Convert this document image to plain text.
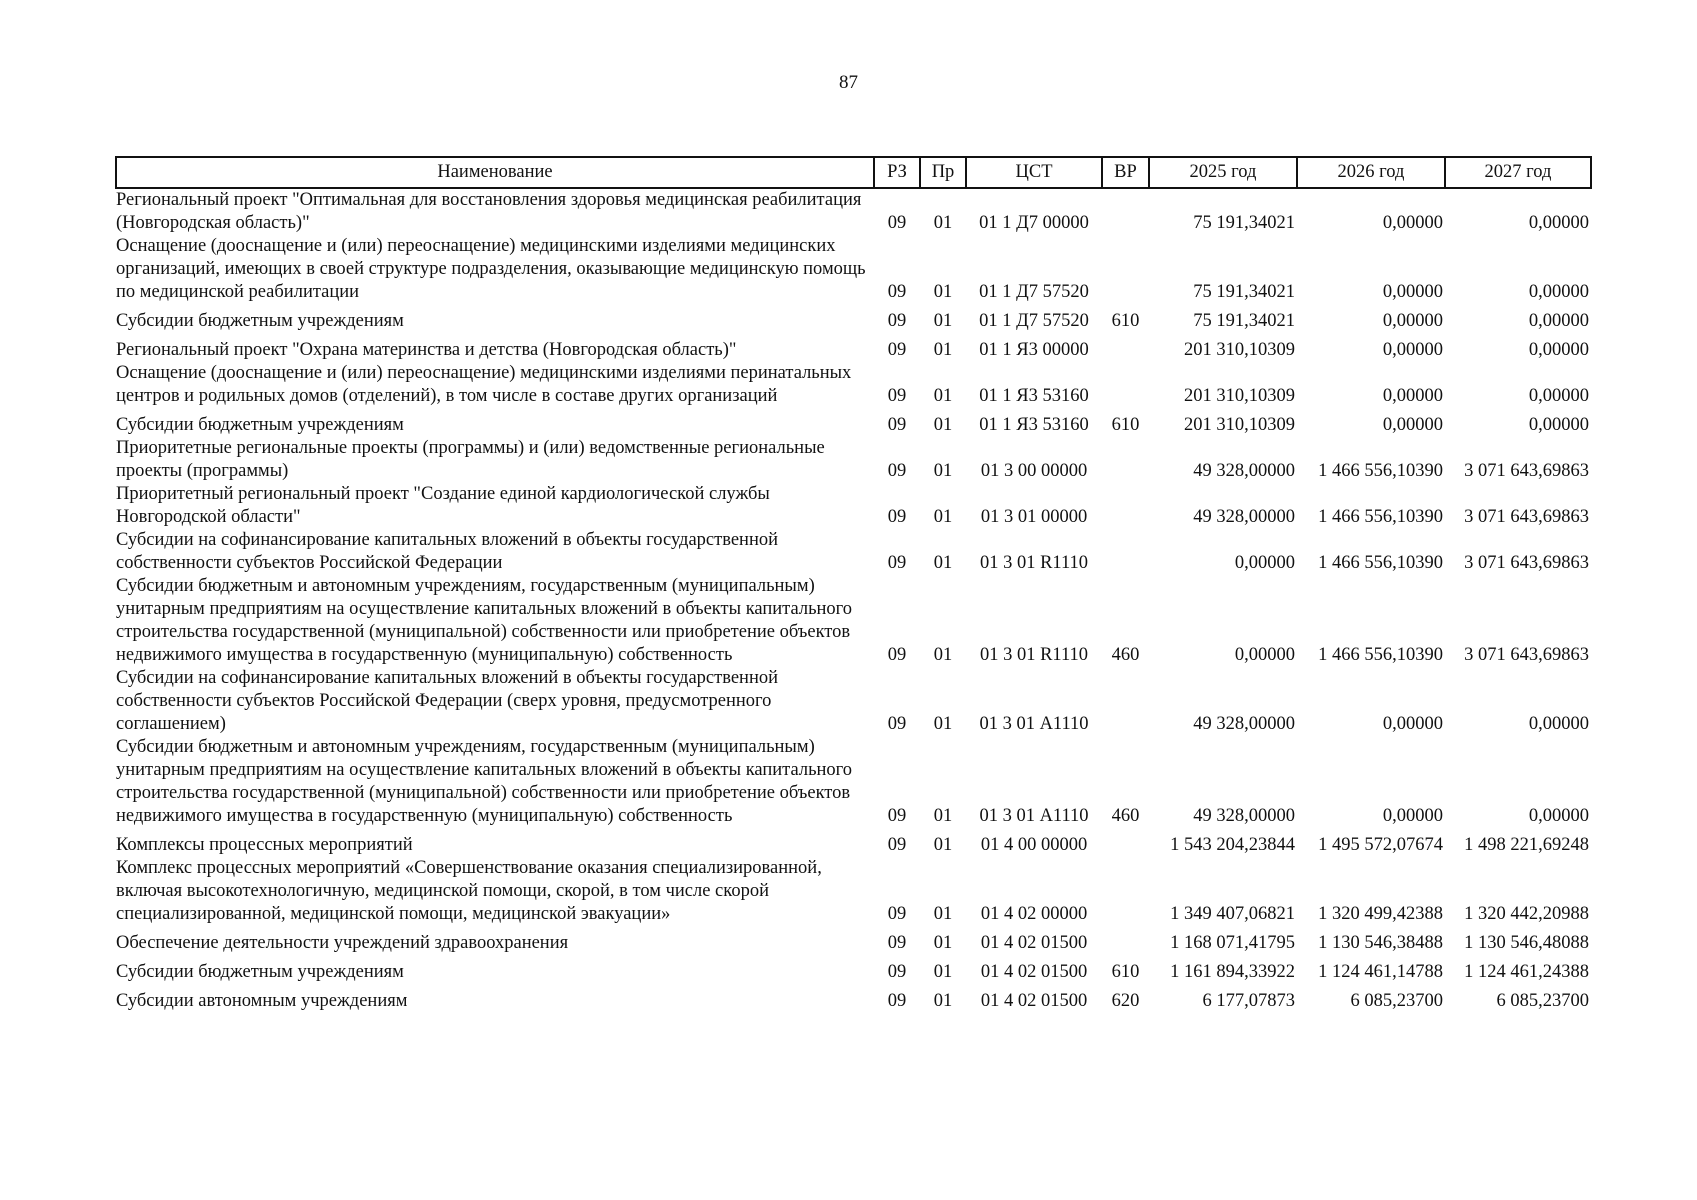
87
Наименование	РЗ	Пр	ЦСТ	ВР	2025 год	2026 год	2027 год
Региональный проект "Оптимальная для восстановления здоровья медицинская реабилитация (Новгородская область)"	09	01	01 1 Д7 00000		75 191,34021	0,00000	0,00000
Оснащение (дооснащение и (или) переоснащение) медицинскими изделиями медицинских организаций, имеющих в своей структуре подразделения, оказывающие медицинскую помощь по медицинской реабилитации	09	01	01 1 Д7 57520		75 191,34021	0,00000	0,00000
Субсидии бюджетным учреждениям	09	01	01 1 Д7 57520	610	75 191,34021	0,00000	0,00000
Региональный проект "Охрана материнства и детства (Новгородская область)"	09	01	01 1 Я3 00000		201 310,10309	0,00000	0,00000
Оснащение (дооснащение и (или) переоснащение) медицинскими изделиями перинатальных центров и родильных домов (отделений), в том числе в составе других организаций	09	01	01 1 Я3 53160		201 310,10309	0,00000	0,00000
Субсидии бюджетным учреждениям	09	01	01 1 Я3 53160	610	201 310,10309	0,00000	0,00000
Приоритетные региональные проекты (программы) и (или) ведомственные региональные проекты (программы)	09	01	01 3 00 00000		49 328,00000	1 466 556,10390	3 071 643,69863
Приоритетный региональный проект "Создание единой кардиологической службы Новгородской области"	09	01	01 3 01 00000		49 328,00000	1 466 556,10390	3 071 643,69863
Субсидии на софинансирование капитальных вложений в объекты государственной собственности субъектов Российской Федерации	09	01	01 3 01 R1110		0,00000	1 466 556,10390	3 071 643,69863
Субсидии бюджетным и автономным учреждениям, государственным (муниципальным) унитарным предприятиям на осуществление капитальных вложений в объекты капитального строительства государственной (муниципальной) собственности или приобретение объектов недвижимого имущества в государственную (муниципальную) собственность	09	01	01 3 01 R1110	460	0,00000	1 466 556,10390	3 071 643,69863
Субсидии на софинансирование капитальных вложений в объекты государственной собственности субъектов Российской Федерации (сверх уровня, предусмотренного соглашением)	09	01	01 3 01 А1110		49 328,00000	0,00000	0,00000
Субсидии бюджетным и автономным учреждениям, государственным (муниципальным) унитарным предприятиям на осуществление капитальных вложений в объекты капитального строительства государственной (муниципальной) собственности или приобретение объектов недвижимого имущества в государственную (муниципальную) собственность	09	01	01 3 01 А1110	460	49 328,00000	0,00000	0,00000
Комплексы процессных мероприятий	09	01	01 4 00 00000		1 543 204,23844	1 495 572,07674	1 498 221,69248
Комплекс процессных мероприятий «Совершенствование оказания специализированной, включая высокотехнологичную, медицинской помощи, скорой, в том числе скорой специализированной, медицинской помощи, медицинской эвакуации»	09	01	01 4 02 00000		1 349 407,06821	1 320 499,42388	1 320 442,20988
Обеспечение деятельности учреждений здравоохранения	09	01	01 4 02 01500		1 168 071,41795	1 130 546,38488	1 130 546,48088
Субсидии бюджетным учреждениям	09	01	01 4 02 01500	610	1 161 894,33922	1 124 461,14788	1 124 461,24388
Субсидии автономным учреждениям	09	01	01 4 02 01500	620	6 177,07873	6 085,23700	6 085,23700
